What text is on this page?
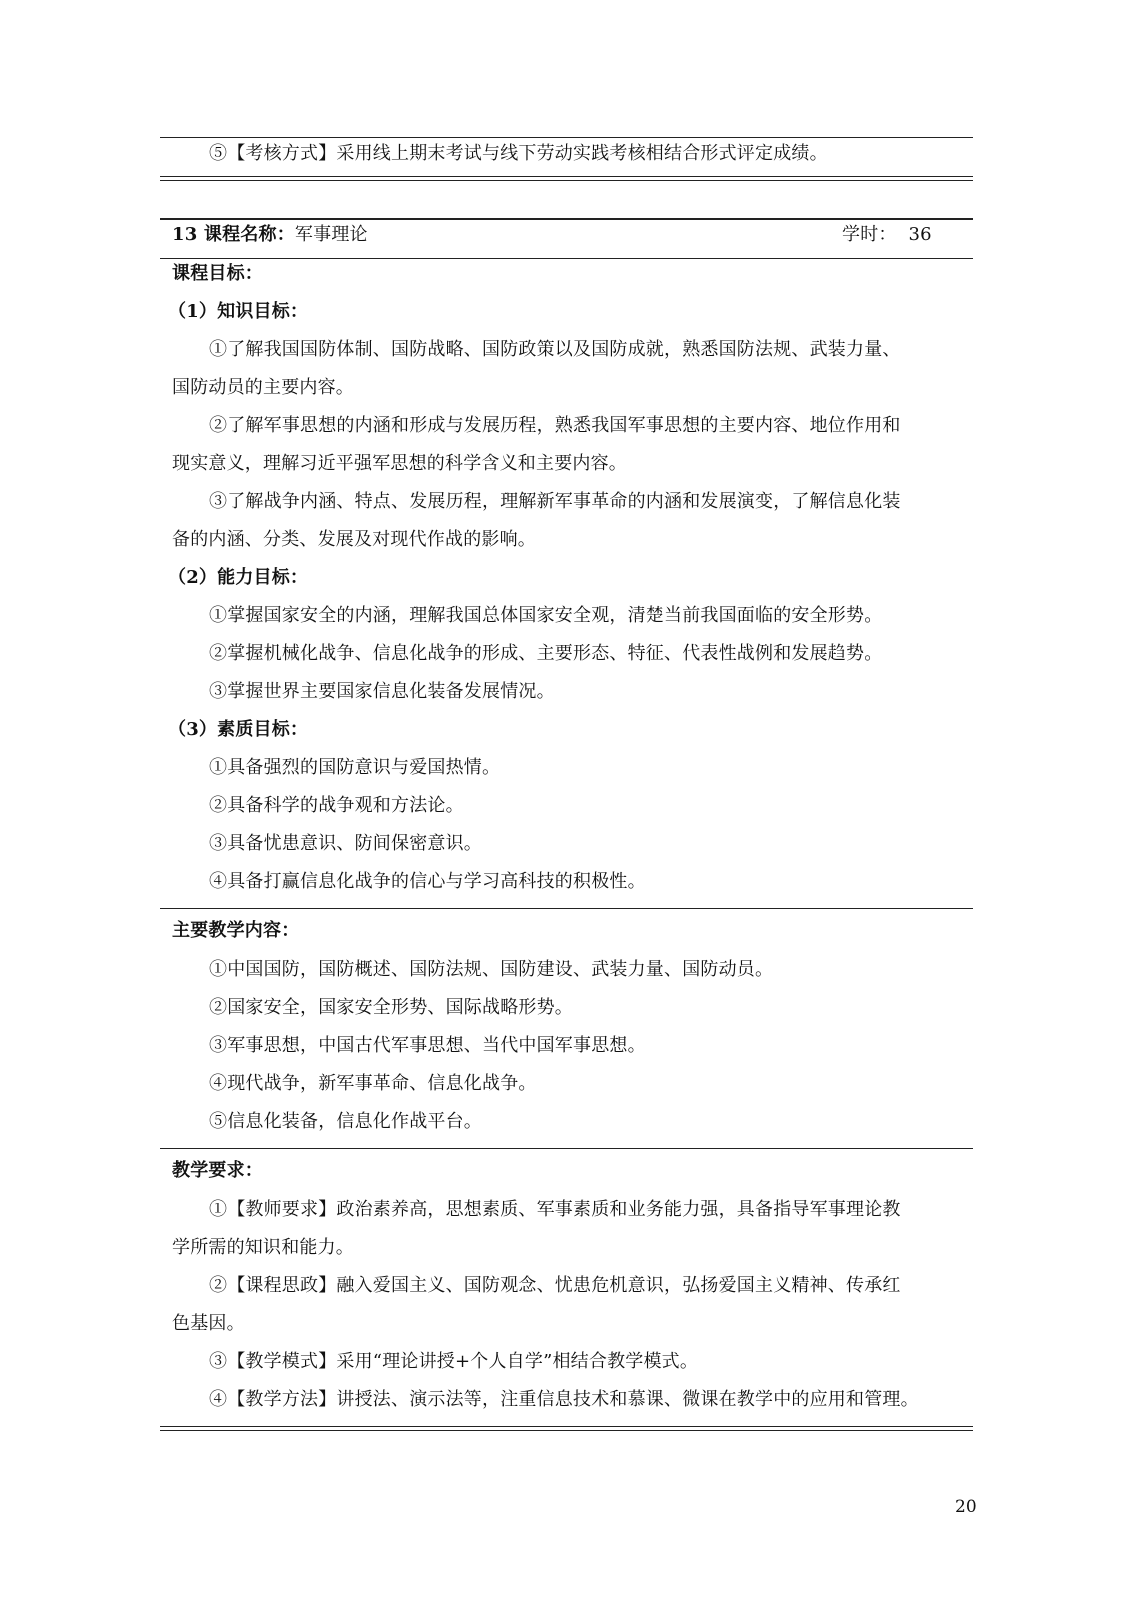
⑤【考核方式】采用线上期末考试与线下劳动实践考核相结合形式评定成绩。
13 课程名称：军事理论	学时： 36
课程目标：
（1）知识目标：
①了解我国国防体制、国防战略、国防政策以及国防成就，熟悉国防法规、武装力量、
国防动员的主要内容。
②了解军事思想的内涵和形成与发展历程，熟悉我国军事思想的主要内容、地位作用和
现实意义，理解习近平强军思想的科学含义和主要内容。
③了解战争内涵、特点、发展历程，理解新军事革命的内涵和发展演变，了解信息化装
备的内涵、分类、发展及对现代作战的影响。
（2）能力目标：
①掌握国家安全的内涵，理解我国总体国家安全观，清楚当前我国面临的安全形势。
②掌握机械化战争、信息化战争的形成、主要形态、特征、代表性战例和发展趋势。
③掌握世界主要国家信息化装备发展情况。
（3）素质目标：
①具备强烈的国防意识与爱国热情。
②具备科学的战争观和方法论。
③具备忧患意识、防间保密意识。
④具备打赢信息化战争的信心与学习高科技的积极性。
主要教学内容：
①中国国防，国防概述、国防法规、国防建设、武装力量、国防动员。
②国家安全，国家安全形势、国际战略形势。
③军事思想，中国古代军事思想、当代中国军事思想。
④现代战争，新军事革命、信息化战争。
⑤信息化装备，信息化作战平台。
教学要求：
①【教师要求】政治素养高，思想素质、军事素质和业务能力强，具备指导军事理论教
学所需的知识和能力。
②【课程思政】融入爱国主义、国防观念、忧患危机意识，弘扬爱国主义精神、传承红
色基因。
③【教学模式】采用“理论讲授+个人自学”相结合教学模式。
④【教学方法】讲授法、演示法等，注重信息技术和慕课、微课在教学中的应用和管理。
20
